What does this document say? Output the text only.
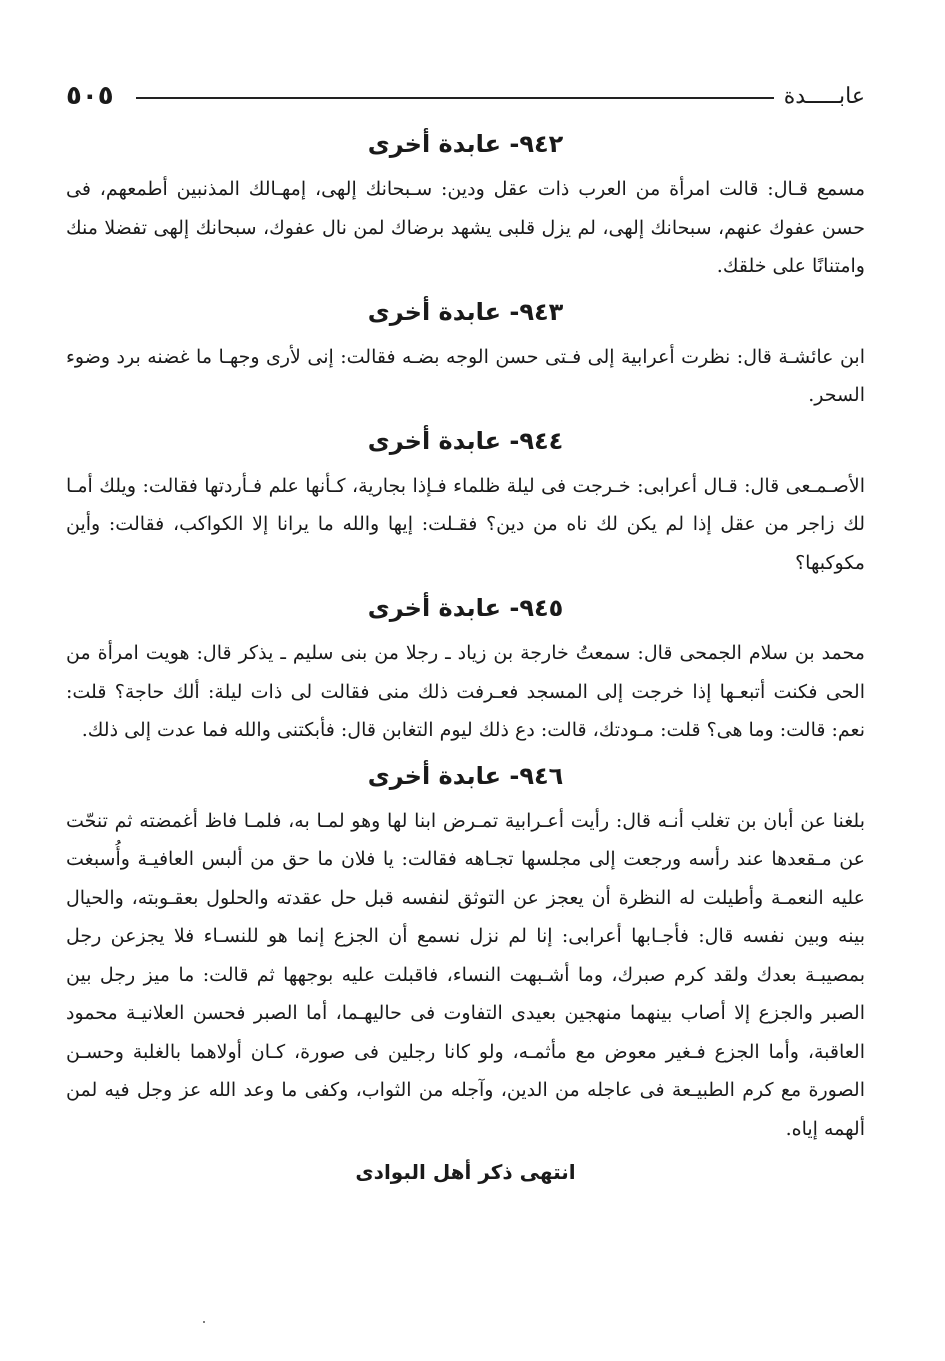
٥٠٥	عابـــــدة
٩٤٢- عابدة أخرى

مسمع قـال: قالت امرأة من العرب ذات عقل ودين: سـبحانك إلهى، إمهـالك المذنبين أطمعهم، فى حسن عفوك عنهم، سبحانك إلهى، لم يزل قلبى يشهد برضاك لمن نال عفوك، سبحانك إلهى تفضلا منك وامتنانًا على خلقك.

٩٤٣- عابدة أخرى

ابن عائشـة قال: نظرت أعرابية إلى فـتى حسن الوجه بضـه فقالت: إنى لأرى وجهـا ما غضنه برد وضوء السحر.

٩٤٤- عابدة أخرى

الأصـمـعى قال: قـال أعرابى: خـرجت فى ليلة ظلماء فـإذا بجارية، كـأنها علم فـأردتها فقالت: ويلك أمـا لك زاجر من عقل إذا لم يكن لك ناه من دين؟ فقـلت: إيها والله ما يرانا إلا الكواكب، فقالت: وأين مكوكبها؟

٩٤٥- عابدة أخرى

محمد بن سلام الجمحى قال: سمعتُ خارجة بن زياد ـ رجلا من بنى سليم ـ يذكر قال: هويت امرأة من الحى فكنت أتبعـها إذا خرجت إلى المسجد فعـرفت ذلك منى فقالت لى ذات ليلة: ألك حاجة؟ قلت: نعم: قالت: وما هى؟ قلت: مـودتك، قالت: دع ذلك ليوم التغابن قال: فأبكتنى والله فما عدت إلى ذلك.

٩٤٦- عابدة أخرى

بلغنا عن أبان بن تغلب أنـه قال: رأيت أعـرابية تمـرض ابنا لها وهو لمـا به، فلمـا فاظ أغمضته ثم تنحّت عن مـقعدها عند رأسه ورجعت إلى مجلسها تجـاهه فقالت: يا فلان ما حق من ألبس العافيـة وأُسبغت عليه النعمـة وأطيلت له النظرة أن يعجز عن التوثق لنفسه قبل حل عقدته والحلول بعقـوبته، والحيال بينه وبين نفسه قال: فأجـابها أعرابى: إنا لم نزل نسمع أن الجزع إنما هو للنسـاء فلا يجزعن رجل بمصيبـة بعدك ولقد كرم صبرك، وما أشـبهت النساء، فاقبلت عليه بوجهها ثم قالت: ما ميز رجل بين الصبر والجزع إلا أصاب بينهما منهجين بعيدى التفاوت فى حاليهـما، أما الصبر فحسن العلانيـة محمود العاقبة، وأما الجزع فـغير معوض مع مأثمـه، ولو كانا رجلين فى صورة، كـان أولاهما بالغلبة وحسـن الصورة مع كرم الطبيـعة فى عاجله من الدين، وآجله من الثواب، وكفى ما وعد الله عز وجل فيه لمن ألهمه إياه.

انتهى ذكر أهل البوادى
